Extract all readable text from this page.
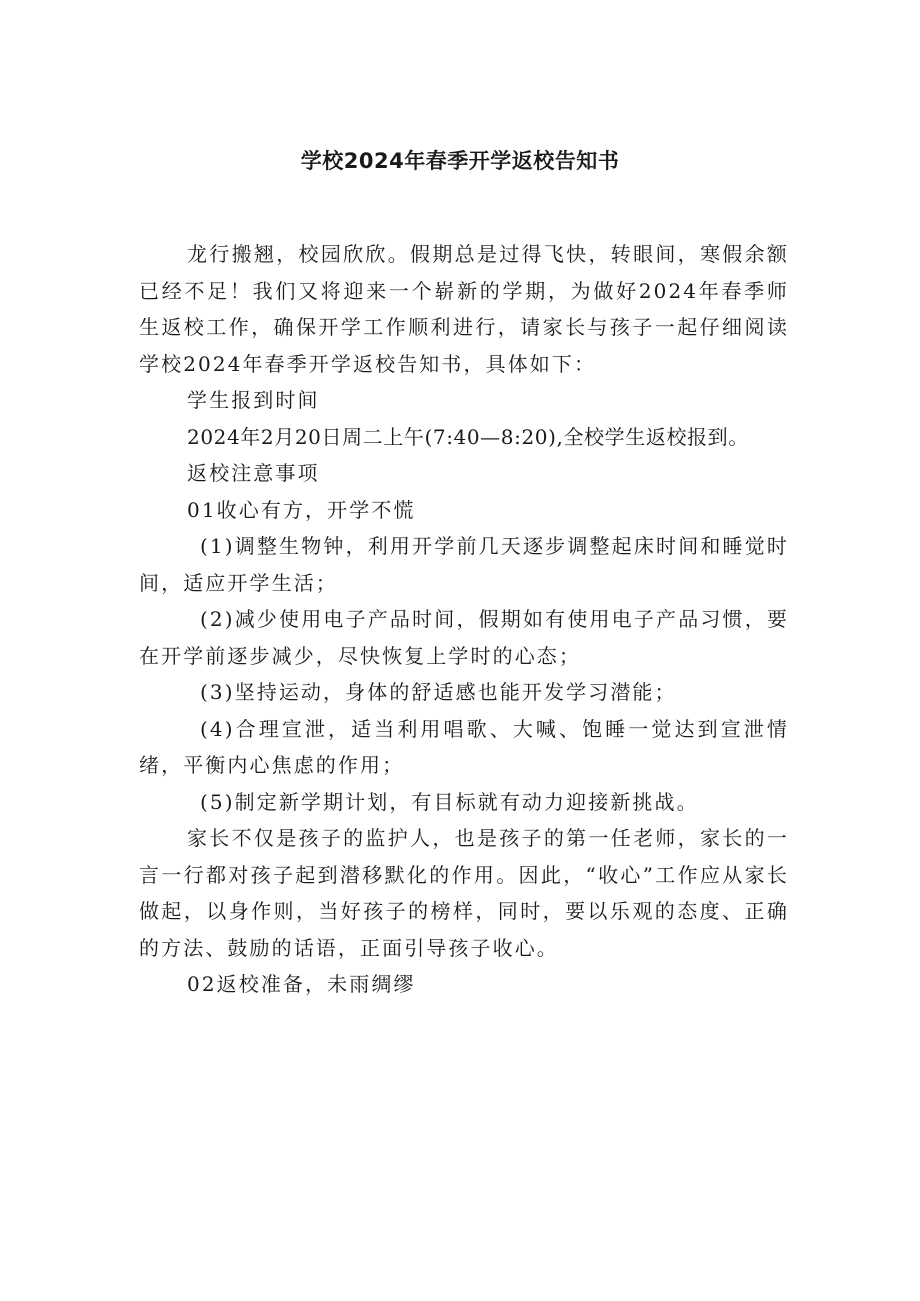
学校2024年春季开学返校告知书

龙行搬翘，校园欣欣。假期总是过得飞快，转眼间，寒假余额已经不足！我们又将迎来一个崭新的学期，为做好2024年春季师生返校工作，确保开学工作顺利进行，请家长与孩子一起仔细阅读学校2024年春季开学返校告知书，具体如下：

学生报到时间

2024年2月20日周二上午(7:40—8:20),全校学生返校报到。

返校注意事项

01收心有方，开学不慌

(1)调整生物钟，利用开学前几天逐步调整起床时间和睡觉时间，适应开学生活；

(2)减少使用电子产品时间，假期如有使用电子产品习惯，要在开学前逐步减少，尽快恢复上学时的心态；

(3)坚持运动，身体的舒适感也能开发学习潜能；

(4)合理宣泄，适当利用唱歌、大喊、饱睡一觉达到宣泄情绪，平衡内心焦虑的作用；

(5)制定新学期计划，有目标就有动力迎接新挑战。

家长不仅是孩子的监护人，也是孩子的第一任老师，家长的一言一行都对孩子起到潜移默化的作用。因此，“收心”工作应从家长做起，以身作则，当好孩子的榜样，同时，要以乐观的态度、正确的方法、鼓励的话语，正面引导孩子收心。

02返校准备，未雨绸缪
